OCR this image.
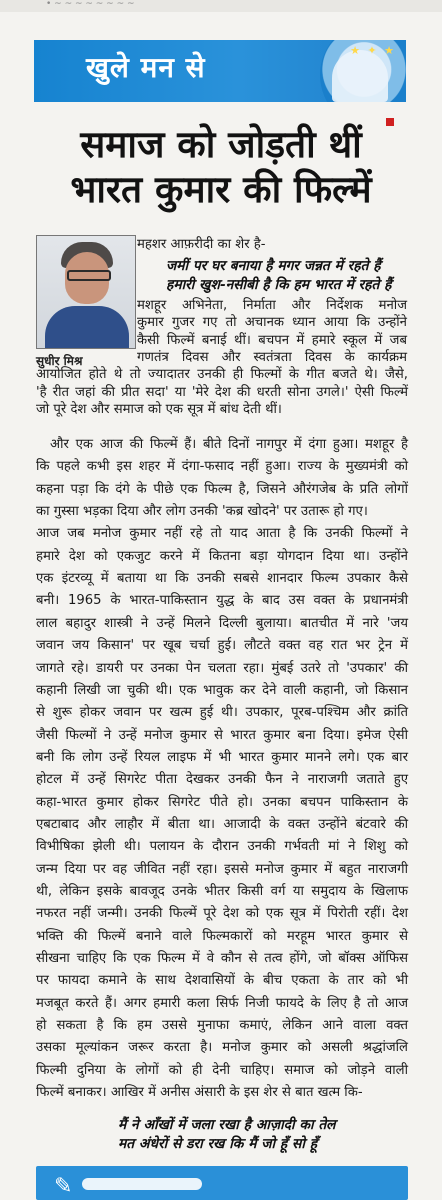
• ~ ~ ~ ~ ~ ~ ~ ~
★ ✦ ★
खुले मन से
समाज को जोड़ती थीं
भारत कुमार की फिल्में
सुधीर मिश्र
महशर आफ़रीदी का शेर है-
जमीं पर घर बनाया है मगर जन्नत में रहते हैं
हमारी खुश-नसीबी है कि हम भारत में रहते हैं
मशहूर अभिनेता, निर्माता और निर्देशक मनोज
कुमार गुजर गए तो अचानक ध्यान आया कि उन्होंने
कैसी फिल्में बनाई थीं। बचपन में हमारे स्कूल में जब
गणतंत्र दिवस और स्वतंत्रता दिवस के कार्यक्रम
आयोजित होते थे तो ज्यादातर उनकी ही फिल्मों के गीत बजते थे। जैसे,
'है रीत जहां की प्रीत सदा' या 'मेरे देश की धरती सोना उगले।' ऐसी फिल्में
जो पूरे देश और समाज को एक सूत्र में बांध देती थीं।
और एक आज की फिल्में हैं। बीते दिनों नागपुर में दंगा हुआ। मशहूर है
कि पहले कभी इस शहर में दंगा-फसाद नहीं हुआ। राज्य के मुख्यमंत्री को
कहना पड़ा कि दंगे के पीछे एक फिल्म है, जिसने औरंगजेब के प्रति लोगों
का गुस्सा भड़का दिया और लोग उनकी 'कब्र खोदने' पर उतारू हो गए।
आज जब मनोज कुमार नहीं रहे तो याद आता है कि उनकी फिल्मों ने
हमारे देश को एकजुट करने में कितना बड़ा योगदान दिया था। उन्होंने
एक इंटरव्यू में बताया था कि उनकी सबसे शानदार फिल्म उपकार कैसे
बनी। 1965 के भारत-पाकिस्तान युद्ध के बाद उस वक्त के प्रधानमंत्री
लाल बहादुर शास्त्री ने उन्हें मिलने दिल्ली बुलाया। बातचीत में नारे 'जय
जवान जय किसान' पर खूब चर्चा हुई। लौटते वक्त वह रात भर ट्रेन में
जागते रहे। डायरी पर उनका पेन चलता रहा। मुंबई उतरे तो 'उपकार' की
कहानी लिखी जा चुकी थी। एक भावुक कर देने वाली कहानी, जो किसान
से शुरू होकर जवान पर खत्म हुई थी। उपकार, पूरब-पश्चिम और क्रांति
जैसी फिल्मों ने उन्हें मनोज कुमार से भारत कुमार बना दिया। इमेज ऐसी
बनी कि लोग उन्हें रियल लाइफ में भी भारत कुमार मानने लगे। एक बार
होटल में उन्हें सिगरेट पीता देखकर उनकी फैन ने नाराजगी जताते हुए
कहा-भारत कुमार होकर सिगरेट पीते हो। उनका बचपन पाकिस्तान के
एबटाबाद और लाहौर में बीता था। आजादी के वक्त उन्होंने बंटवारे की
विभीषिका झेली थी। पलायन के दौरान उनकी गर्भवती मां ने शिशु को
जन्म दिया पर वह जीवित नहीं रहा। इससे मनोज कुमार में बहुत नाराजगी
थी, लेकिन इसके बावजूद उनके भीतर किसी वर्ग या समुदाय के खिलाफ
नफरत नहीं जन्मी। उनकी फिल्में पूरे देश को एक सूत्र में पिरोती रहीं। देश
भक्ति की फिल्में बनाने वाले फिल्मकारों को मरहूम भारत कुमार से
सीखना चाहिए कि एक फिल्म में वे कौन से तत्व होंगे, जो बॉक्स ऑफिस
पर फायदा कमाने के साथ देशवासियों के बीच एकता के तार को भी
मजबूत करते हैं। अगर हमारी कला सिर्फ निजी फायदे के लिए है तो आज
हो सकता है कि हम उससे मुनाफा कमाएं, लेकिन आने वाला वक्त
उसका मूल्यांकन जरूर करता है। मनोज कुमार को असली श्रद्धांजलि
फिल्मी दुनिया के लोगों को ही देनी चाहिए। समाज को जोड़ने वाली
फिल्में बनाकर। आखिर में अनीस अंसारी के इस शेर से बात खत्म कि-
मैं ने आँखों में जला रखा है आज़ादी का तेल
मत अंधेरों से डरा रख कि मैं जो हूँ सो हूँ
✎
